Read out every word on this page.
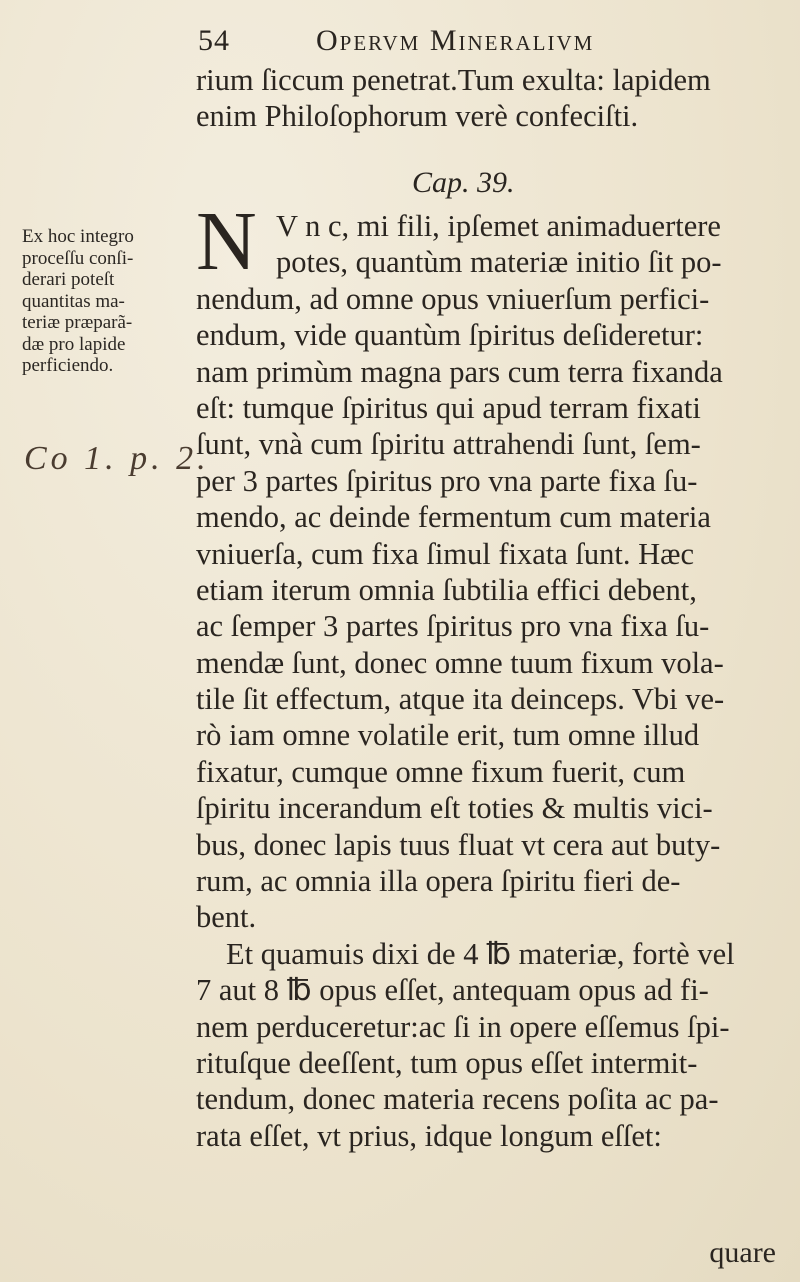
54	Opervm Mineralivm
rium ſiccum penetrat.Tum exulta: lapidem
enim Philoſophorum verè confeciſti.
Cap. 39.
N V n c, mi fili, ipſemet animaduertere
potes, quantùm materiæ initio ſit po-
nendum, ad omne opus vniuerſum perfici-
endum, vide quantùm ſpiritus deſideretur:
nam primùm magna pars cum terra fixanda
eſt: tumque ſpiritus qui apud terram fixati
ſunt, vnà cum ſpiritu attrahendi ſunt, ſem-
per 3 partes ſpiritus pro vna parte fixa ſu-
mendo, ac deinde fermentum cum materia
vniuerſa, cum fixa ſimul fixata ſunt. Hæc
etiam iterum omnia ſubtilia effici debent,
ac ſemper 3 partes ſpiritus pro vna fixa ſu-
mendæ ſunt, donec omne tuum fixum vola-
tile ſit effectum, atque ita deinceps. Vbi ve-
rò iam omne volatile erit, tum omne illud
fixatur, cumque omne fixum fuerit, cum
ſpiritu incerandum eſt toties & multis vici-
bus, donec lapis tuus fluat vt cera aut buty-
rum, ac omnia illa opera ſpiritu fieri de-
bent.
Et quamuis dixi de 4 ℔ materiæ, fortè vel
7 aut 8 ℔ opus eſſet, antequam opus ad fi-
nem perduceretur:ac ſi in opere eſſemus ſpi-
rituſque deeſſent, tum opus eſſet intermit-
tendum, donec materia recens poſita ac pa-
rata eſſet, vt prius, idque longum eſſet:
quare
Ex hoc integro
proceſſu conſi-
derari poteſt
quantitas ma-
teriæ præparã-
dæ pro lapide
perficiendo.
Co 1. p. 2.
